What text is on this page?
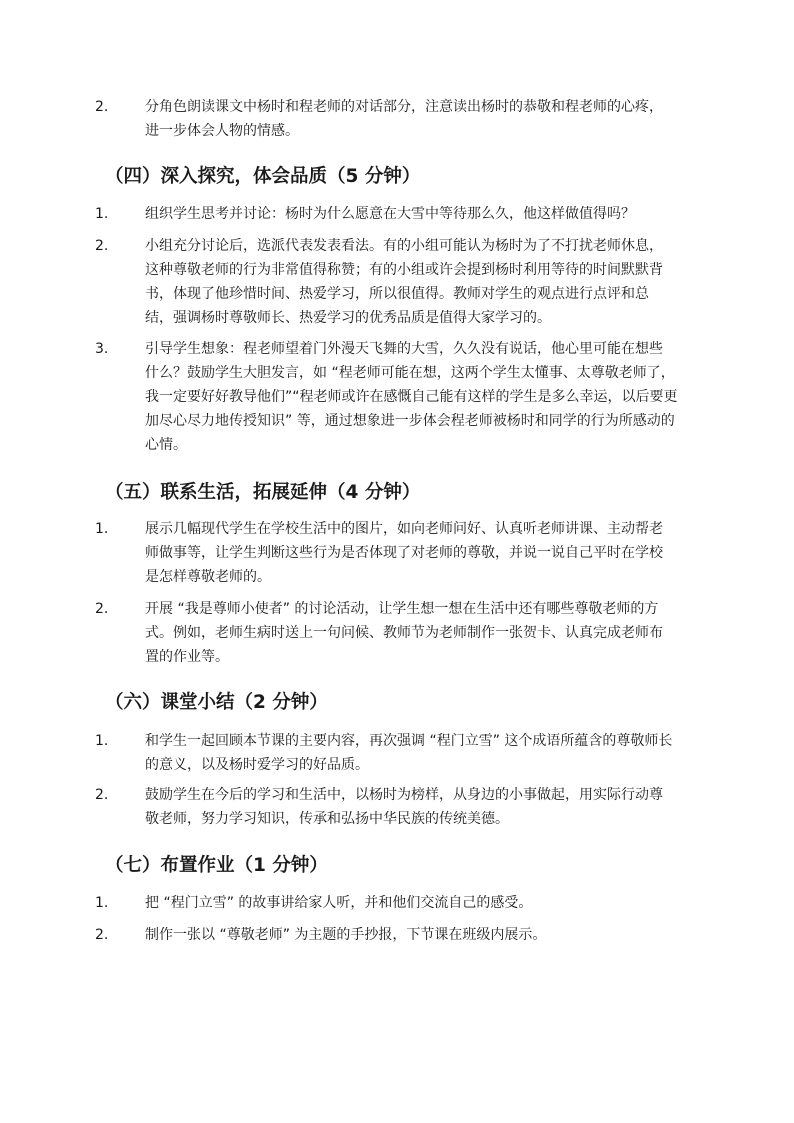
2.	分角色朗读课文中杨时和程老师的对话部分，注意读出杨时的恭敬和程老师的心疼，
进一步体会人物的情感。
（四）深入探究，体会品质（5 分钟）
1.	组织学生思考并讨论：杨时为什么愿意在大雪中等待那么久，他这样做值得吗？
2.	小组充分讨论后，选派代表发表看法。有的小组可能认为杨时为了不打扰老师休息，
这种尊敬老师的行为非常值得称赞；有的小组或许会提到杨时利用等待的时间默默背
书，体现了他珍惜时间、热爱学习，所以很值得。教师对学生的观点进行点评和总
结，强调杨时尊敬师长、热爱学习的优秀品质是值得大家学习的。
3.	引导学生想象：程老师望着门外漫天飞舞的大雪，久久没有说话，他心里可能在想些
什么？鼓励学生大胆发言，如 “程老师可能在想，这两个学生太懂事、太尊敬老师了，
我一定要好好教导他们”“程老师或许在感慨自己能有这样的学生是多么幸运，以后要更
加尽心尽力地传授知识” 等，通过想象进一步体会程老师被杨时和同学的行为所感动的
心情。
（五）联系生活，拓展延伸（4 分钟）
1.	展示几幅现代学生在学校生活中的图片，如向老师问好、认真听老师讲课、主动帮老
师做事等，让学生判断这些行为是否体现了对老师的尊敬，并说一说自己平时在学校
是怎样尊敬老师的。
2.	开展 “我是尊师小使者” 的讨论活动，让学生想一想在生活中还有哪些尊敬老师的方
式。例如，老师生病时送上一句问候、教师节为老师制作一张贺卡、认真完成老师布
置的作业等。
（六）课堂小结（2 分钟）
1.	和学生一起回顾本节课的主要内容，再次强调 “程门立雪” 这个成语所蕴含的尊敬师长
的意义，以及杨时爱学习的好品质。
2.	鼓励学生在今后的学习和生活中，以杨时为榜样，从身边的小事做起，用实际行动尊
敬老师，努力学习知识，传承和弘扬中华民族的传统美德。
（七）布置作业（1 分钟）
1.	把 “程门立雪” 的故事讲给家人听，并和他们交流自己的感受。
2.	制作一张以 “尊敬老师” 为主题的手抄报，下节课在班级内展示。
